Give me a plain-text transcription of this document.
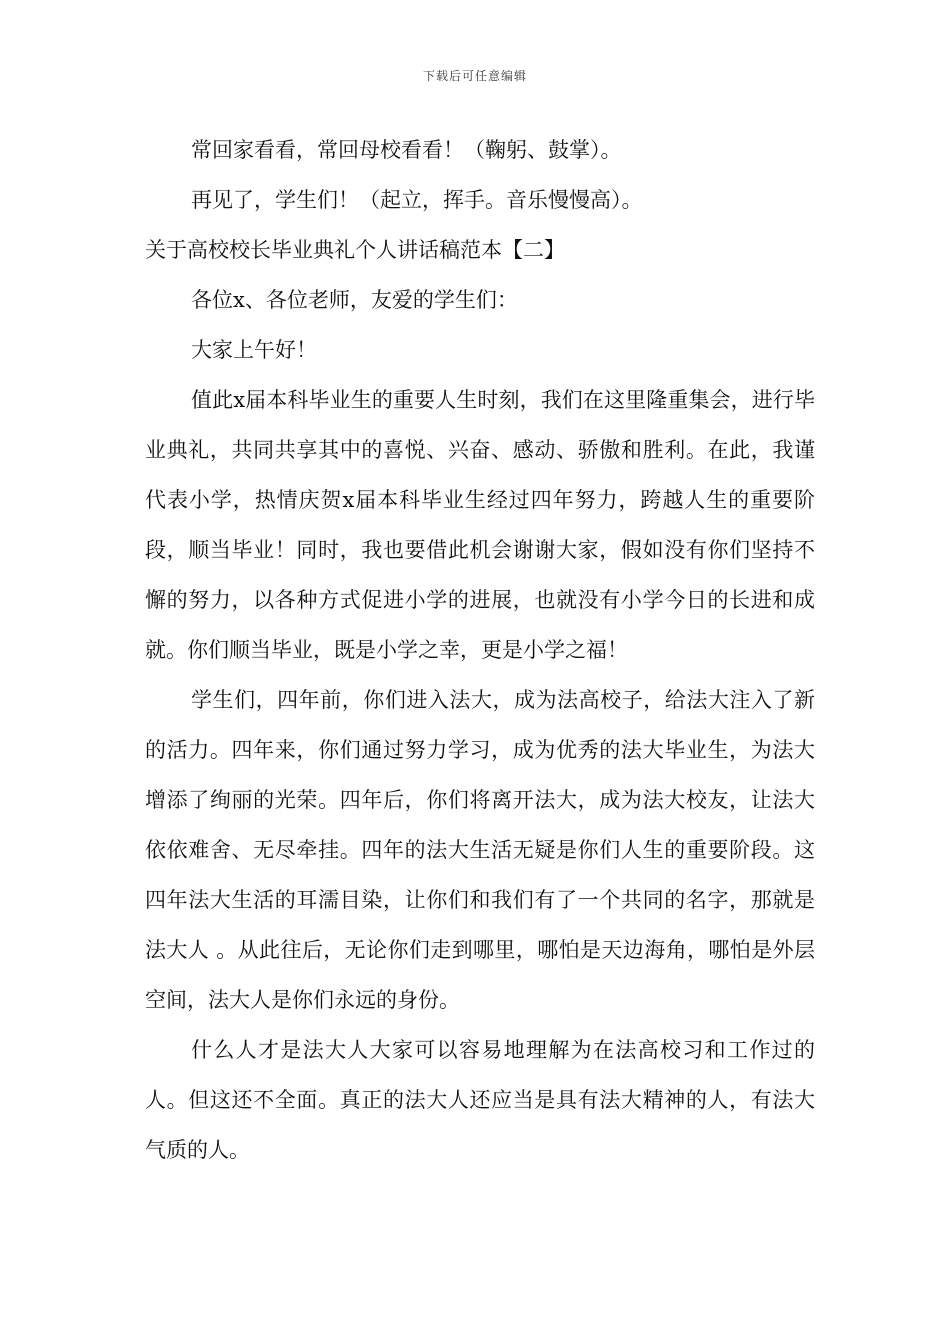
下载后可任意编辑

常回家看看，常回母校看看！（鞠躬、鼓掌）。

再见了，学生们！（起立，挥手。音乐慢慢高）。

关于高校校长毕业典礼个人讲话稿范本【二】

各位x、各位老师，友爱的学生们：

大家上午好！

值此x届本科毕业生的重要人生时刻，我们在这里隆重集会，进行毕业典礼，共同共享其中的喜悦、兴奋、感动、骄傲和胜利。在此，我谨代表小学，热情庆贺x届本科毕业生经过四年努力，跨越人生的重要阶段，顺当毕业！同时，我也要借此机会谢谢大家，假如没有你们坚持不懈的努力，以各种方式促进小学的进展，也就没有小学今日的长进和成就。你们顺当毕业，既是小学之幸，更是小学之福！

学生们，四年前，你们进入法大，成为法高校子，给法大注入了新的活力。四年来，你们通过努力学习，成为优秀的法大毕业生，为法大增添了绚丽的光荣。四年后，你们将离开法大，成为法大校友，让法大依依难舍、无尽牵挂。四年的法大生活无疑是你们人生的重要阶段。这四年法大生活的耳濡目染，让你们和我们有了一个共同的名字，那就是 法大人 。从此往后，无论你们走到哪里，哪怕是天边海角，哪怕是外层空间，法大人是你们永远的身份。

什么人才是法大人大家可以容易地理解为在法高校习和工作过的人。但这还不全面。真正的法大人还应当是具有法大精神的人，有法大气质的人。
